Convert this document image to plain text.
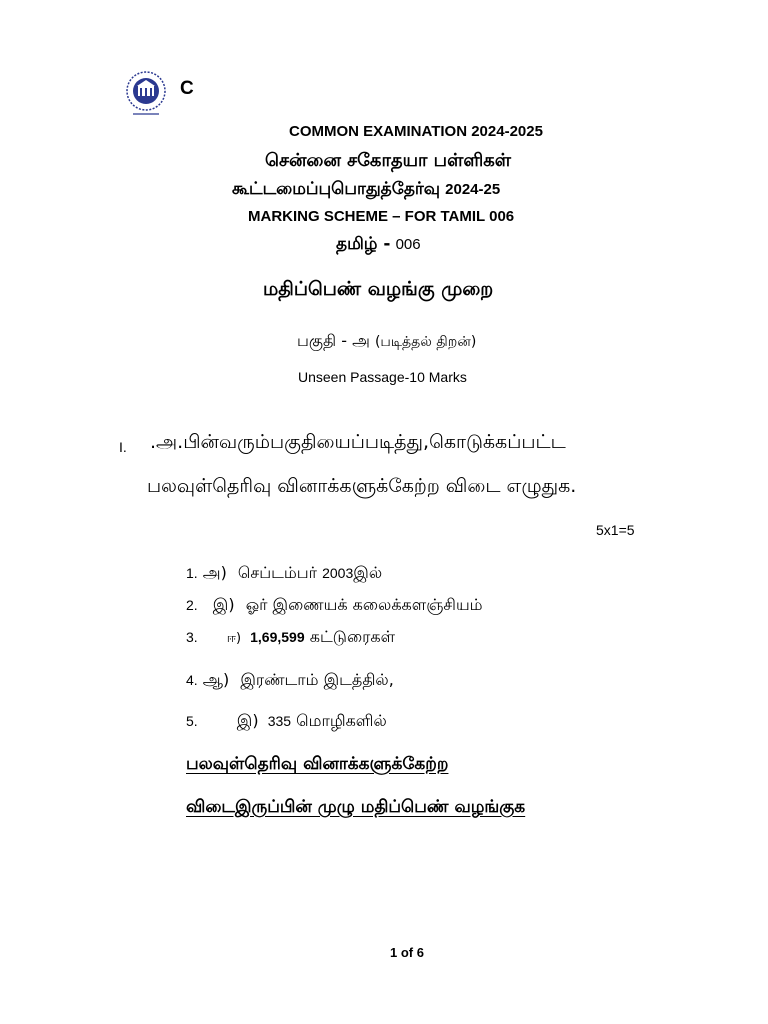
C
COMMON EXAMINATION 2024-2025
சென்னை சகோதயா பள்ளிகள்
கூட்டமைப்புபொதுத்தேர்வு 2024-25
MARKING SCHEME – FOR TAMIL 006
தமிழ் - 006
மதிப்பெண் வழங்கு முறை
பகுதி - அ (படித்தல் திறன்)
Unseen Passage-10 Marks
I. .அ.பின்வரும்பகுதியைப்படித்து,கொடுக்கப்பட்ட
பலவுள்தெரிவு வினாக்களுக்கேற்ற விடை எழுதுக.
5x1=5
1. அ) செப்டம்பர் 2003இல்
2. இ) ஓர் இணையக் கலைக்களஞ்சியம்
3. ஈ) 1,69,599 கட்டுரைகள்
4. ஆ) இரண்டாம் இடத்தில்,
5. இ) 335 மொழிகளில்
பலவுள்தெரிவு வினாக்களுக்கேற்ற
விடைஇருப்பின் முழு மதிப்பெண் வழங்குக
1 of 6
